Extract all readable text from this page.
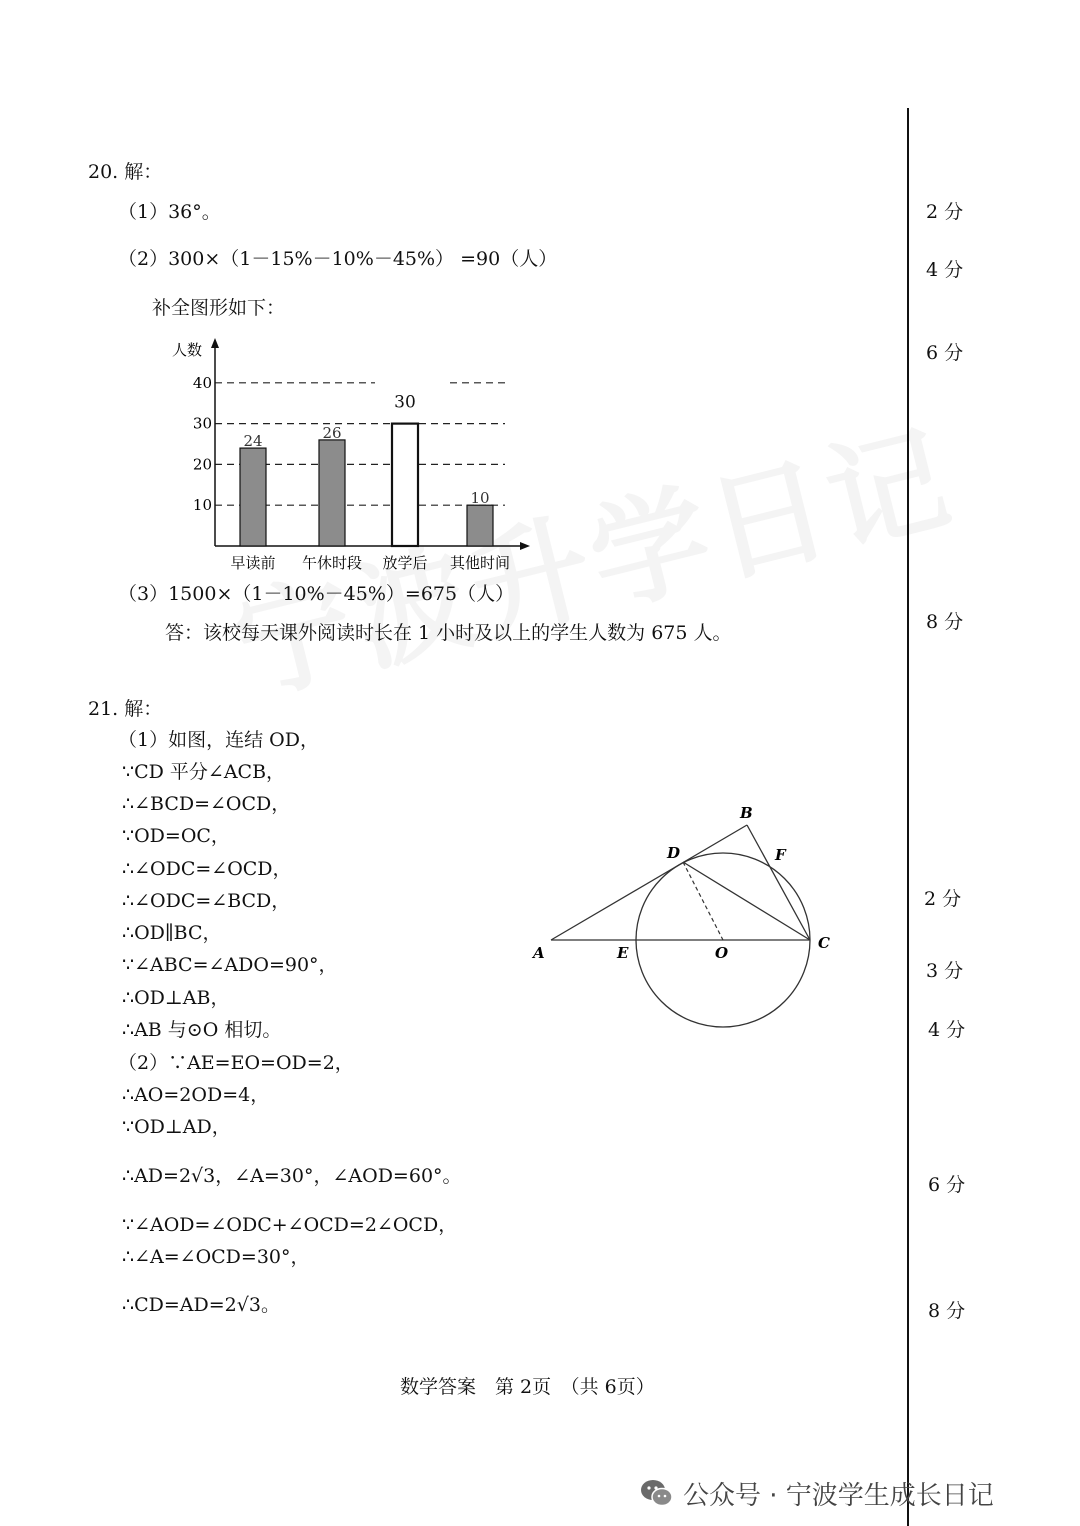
20. 解：
（1）36°。
（2）300×（1－15%－10%－45%） =90（人）
补全图形如下：
10
20
30
40
人数
24
早读前
26
午休时段
30
放学后
10
其他时间
（3）1500×（1－10%－45%）=675（人）
答：该校每天课外阅读时长在 1 小时及以上的学生人数为 675 人。
21. 解：
（1）如图，连结 OD，
∵CD 平分∠ACB，
∴∠BCD=∠OCD，
∵OD=OC，
∴∠ODC=∠OCD，
∴∠ODC=∠BCD，
∴OD∥BC，
∵∠ABC=∠ADO=90°，
∴OD⊥AB，
∴AB 与⊙O 相切。
（2）∵AE=EO=OD=2，
∴AO=2OD=4，
∵OD⊥AD，
∴AD=2√3，∠A=30°，∠AOD=60°。
∵∠AOD=∠ODC+∠OCD=2∠OCD，
∴∠A=∠OCD=30°，
∴CD=AD=2√3。
B
D	F
A	E	O
C
2 分
4 分
6 分
8 分
2 分
3 分
4 分
6 分
8 分
数学答案　第 2页　（共 6页）
公众号 · 宁波学生成长日记
